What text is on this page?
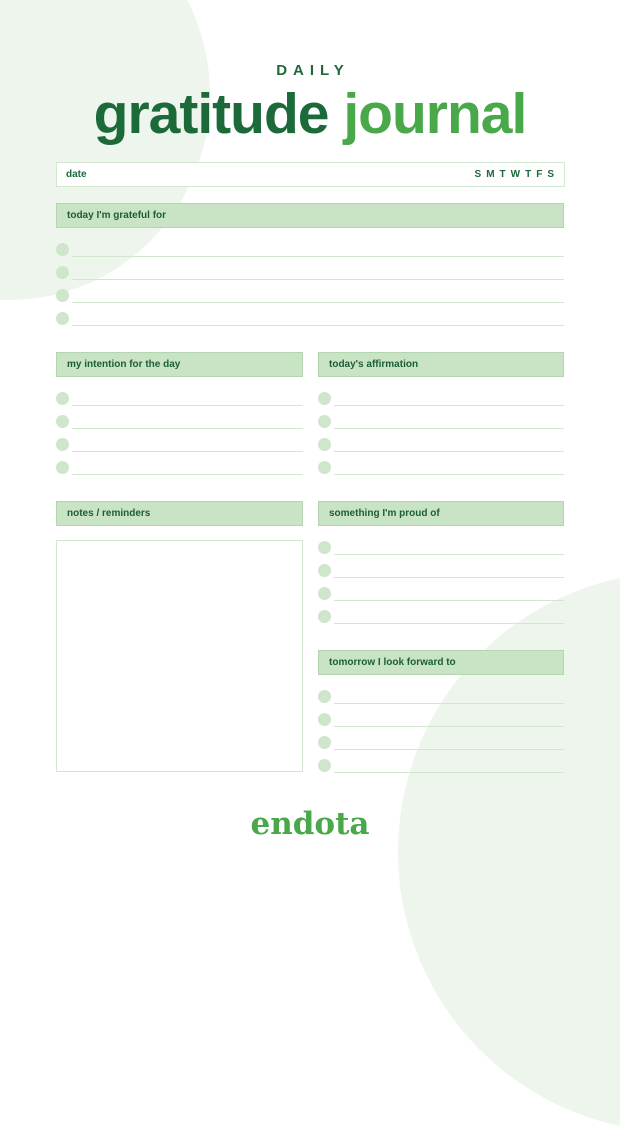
DAILY
gratitude journal
date	S M T W T F S
today I'm grateful for
my intention for the day	today's affirmation
notes / reminders	something I'm proud of
tomorrow I look forward to
endota
